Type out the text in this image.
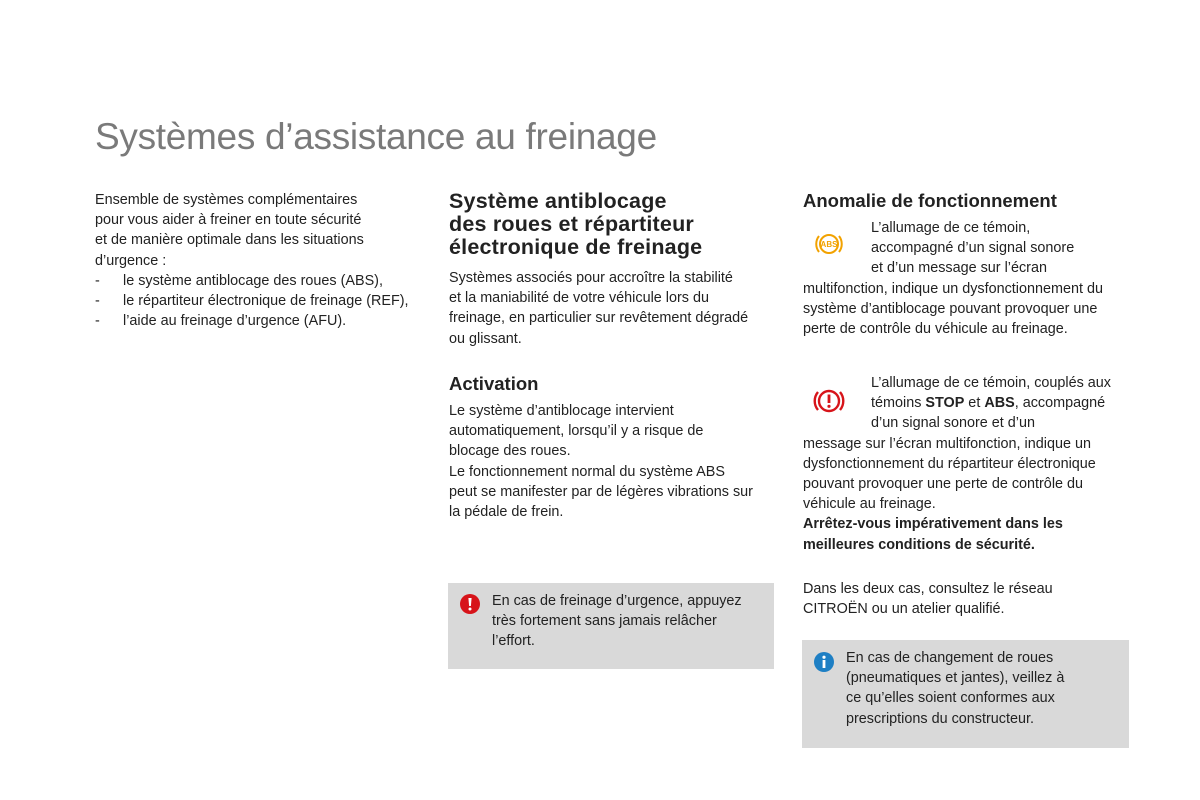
Systèmes d’assistance au freinage

Ensemble de systèmes complémentaires

pour vous aider à freiner en toute sécurité

et de manière optimale dans les situations

d’urgence :

- le système antiblocage des roues (ABS),
- le répartiteur électronique de freinage (REF),
- l’aide au freinage d’urgence (AFU).
Système antiblocage
des roues et répartiteur
électronique de freinage

Systèmes associés pour accroître la stabilité

et la maniabilité de votre véhicule lors du

freinage, en particulier sur revêtement dégradé

ou glissant.

Activation

Le système d’antiblocage intervient

automatiquement, lorsqu’il y a risque de

blocage des roues.

Le fonctionnement normal du système ABS

peut se manifester par de légères vibrations sur

la pédale de frein.

En cas de freinage d’urgence, appuyez

très fortement sans jamais relâcher

l’effort.

Anomalie de fonctionnement
ABS
L’allumage de ce témoin,
accompagné d’un signal sonore
et d’un message sur l’écran
multifonction, indique un dysfonctionnement du
système d’antiblocage pouvant provoquer une
perte de contrôle du véhicule au freinage.
L’allumage de ce témoin, couplés aux
témoins STOP et ABS, accompagné
d’un signal sonore et d’un
message sur l’écran multifonction, indique un
dysfonctionnement du répartiteur électronique
pouvant provoquer une perte de contrôle du
véhicule au freinage.
Arrêtez-vous impérativement dans les
meilleures conditions de sécurité.

Dans les deux cas, consultez le réseau

CITROËN ou un atelier qualifié.

En cas de changement de roues

(pneumatiques et jantes), veillez à

ce qu’elles soient conformes aux

prescriptions du constructeur.
